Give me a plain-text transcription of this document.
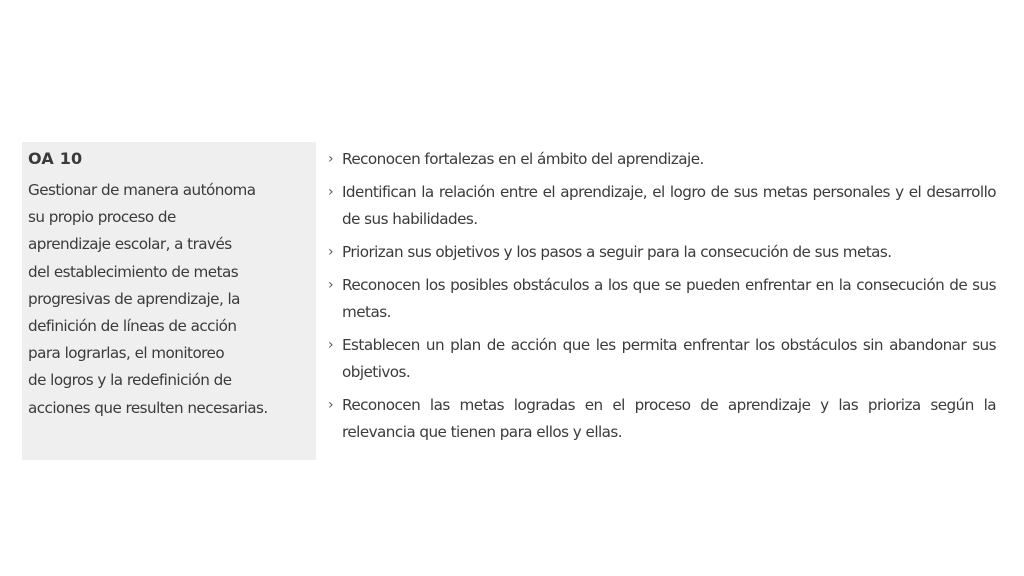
OA 10

Gestionar de manera autónoma
su propio proceso de
aprendizaje escolar, a través
del establecimiento de metas
progresivas de aprendizaje, la
definición de líneas de acción
para lograrlas, el monitoreo
de logros y la redefinición de
acciones que resulten necesarias.

› Reconocen fortalezas en el ámbito del aprendizaje.
› Identifican la relación entre el aprendizaje, el logro de sus metas personales y el desarrollo de sus habilidades.
› Priorizan sus objetivos y los pasos a seguir para la consecución de sus metas.
› Reconocen los posibles obstáculos a los que se pueden enfrentar en la consecución de sus metas.
› Establecen un plan de acción que les permita enfrentar los obstáculos sin abandonar sus objetivos.
› Reconocen las metas logradas en el proceso de aprendizaje y las prioriza según la relevancia que tienen para ellos y ellas.
